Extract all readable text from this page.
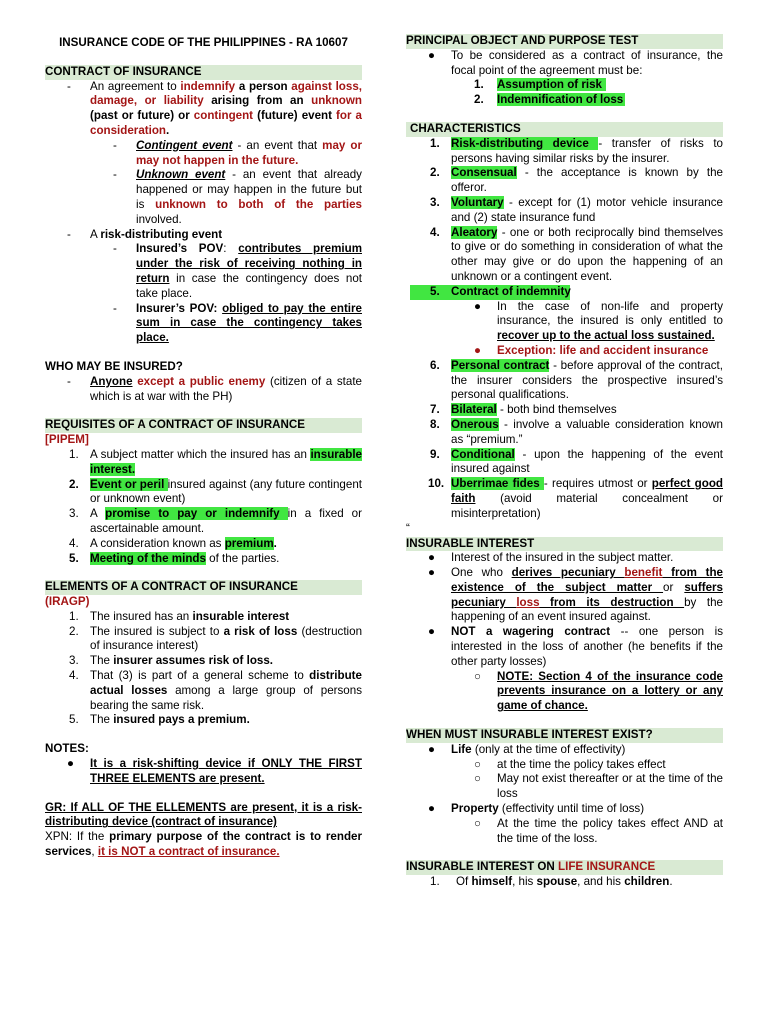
INSURANCE CODE OF THE PHILIPPINES - RA 10607
CONTRACT OF INSURANCE
- An agreement to indemnify a person against loss, damage, or liability arising from an unknown (past or future) or contingent (future) event for a consideration.
- Contingent event - an event that may or may not happen in the future.
- Unknown event - an event that already happened or may happen in the future but is unknown to both of the parties involved.
- A risk-distributing event
- Insured’s POV: contributes premium under the risk of receiving nothing in return in case the contingency does not take place.
- Insurer’s POV: obliged to pay the entire sum in case the contingency takes place.
WHO MAY BE INSURED?
- Anyone except a public enemy (citizen of a state which is at war with the PH)
REQUISITES OF A CONTRACT OF INSURANCE
[PIPEM]
1. A subject matter which the insured has an insurable interest.
2. Event or peril insured against (any future contingent or unknown event)
3. A promise to pay or indemnify in a fixed or ascertainable amount.
4. A consideration known as premium.
5. Meeting of the minds of the parties.
ELEMENTS OF A CONTRACT OF INSURANCE
(IRAGP)
1. The insured has an insurable interest
2. The insured is subject to a risk of loss (destruction of insurance interest)
3. The insurer assumes risk of loss.
4. That (3) is part of a general scheme to distribute actual losses among a large group of persons bearing the same risk.
5. The insured pays a premium.
NOTES:
● It is a risk-shifting device if ONLY THE FIRST THREE ELEMENTS are present.
GR: If ALL OF THE ELLEMENTS are present, it is a risk-distributing device (contract of insurance)
XPN: If the primary purpose of the contract is to render services, it is NOT a contract of insurance.
PRINCIPAL OBJECT AND PURPOSE TEST
● To be considered as a contract of insurance, the focal point of the agreement must be:
1. Assumption of risk
2. Indemnification of loss
CHARACTERISTICS
1. Risk-distributing device - transfer of risks to persons having similar risks by the insurer.
2. Consensual - the acceptance is known by the offeror.
3. Voluntary - except for (1) motor vehicle insurance and (2) state insurance fund
4. Aleatory - one or both reciprocally bind themselves to give or do something in consideration of what the other may give or do upon the happening of an unknown or a contingent event.
5. Contract of indemnity
● In the case of non-life and property insurance, the insured is only entitled to recover up to the actual loss sustained.
● Exception: life and accident insurance
6. Personal contract - before approval of the contract, the insurer considers the prospective insured’s personal qualifications.
7. Bilateral - both bind themselves
8. Onerous - involve a valuable consideration known as “premium.”
9. Conditional - upon the happening of the event insured against
10. Uberrimae fides - requires utmost or perfect good faith (avoid material concealment or misinterpretation)
“
INSURABLE INTEREST
● Interest of the insured in the subject matter.
● One who derives pecuniary benefit from the existence of the subject matter or suffers pecuniary loss from its destruction by the happening of an event insured against.
● NOT a wagering contract -- one person is interested in the loss of another (he benefits if the other party losses)
○ NOTE: Section 4 of the insurance code prevents insurance on a lottery or any game of chance.
WHEN MUST INSURABLE INTEREST EXIST?
● Life (only at the time of effectivity)
○ at the time the policy takes effect
○ May not exist thereafter or at the time of the loss
● Property (effectivity until time of loss)
○ At the time the policy takes effect AND at the time of the loss.
INSURABLE INTEREST ON LIFE INSURANCE
1. Of himself, his spouse, and his children.
